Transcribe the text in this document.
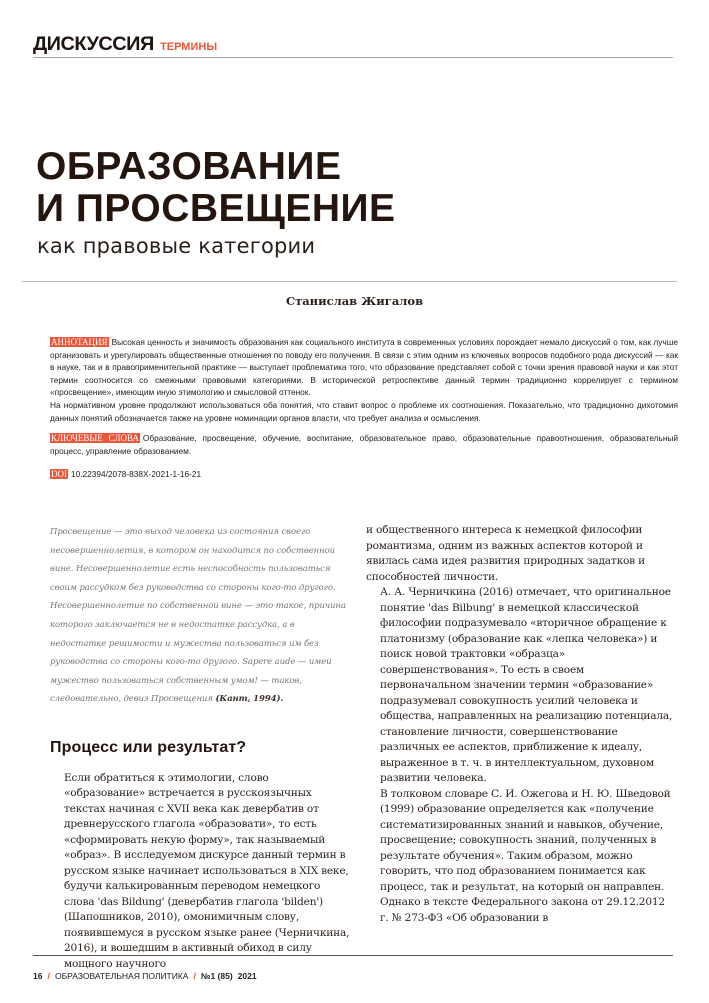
ДИСКУССИЯ ТЕРМИНЫ
ОБРАЗОВАНИЕ
И ПРОСВЕЩЕНИЕ
как правовые категории
Станислав Жигалов
АННОТАЦИЯ Высокая ценность и значимость образования как социального института в современных условиях порождает немало дискуссий о том, как лучше организовать и урегулировать общественные отношения по поводу его получения. В связи с этим одним из ключевых вопросов подобного рода дискуссий — как в науке, так и в правоприменительной практике — выступает проблематика того, что образование представляет собой с точки зрения правовой науки и как этот термин соотносится со смежными правовыми категориями. В исторической ретроспективе данный термин традиционно коррелирует с термином «просвещение», имеющим иную этимологию и смысловой оттенок.
На нормативном уровне продолжают использоваться оба понятия, что ставит вопрос о проблеме их соотношения. Показательно, что традиционно дихотомия данных понятий обозначается также на уровне номинации органов власти, что требует анализа и осмысления.
КЛЮЧЕВЫЕ СЛОВА Образование, просвещение, обучение, воспитание, образовательное право, образовательные правоотношения, образовательный процесс, управление образованием.
DOI 10.22394/2078-838X-2021-1-16-21
Просвещение — это выход человека из состояния своего несовершеннолетия, в котором он находится по собственной вине. Несовершеннолетие есть неспособность пользоваться своим рассудком без руководства со стороны кого-то другого. Несовершеннолетие по собственной вине — это такое, причина которого заключается не в недостатке рассудка, а в недостатке решимости и мужества пользоваться им без руководства со стороны кого-то другого. Sapere aude — имей мужество пользоваться собственным умом! — таков, следовательно, девиз Просвещения (Кант, 1994).
Процесс или результат?
Если обратиться к этимологии, слово «образование» встречается в русскоязычных текстах начиная с XVII века как девербатив от древнерусского глагола «образовати», то есть «сформировать некую форму», так называемый «образ». В исследуемом дискурсе данный термин в русском языке начинает использоваться в XIX веке, будучи калькированным переводом немецкого слова 'das Bildung' (девербатив глагола 'bilden') (Шапошников, 2010), омонимичным слову, появившемуся в русском языке ранее (Черничкина, 2016), и вошедшим в активный обиход в силу мощного научного
и общественного интереса к немецкой философии романтизма, одним из важных аспектов которой и явилась сама идея развития природных задатков и способностей личности.
А. А. Черничкина (2016) отмечает, что оригинальное понятие 'das Bilbung' в немецкой классической философии подразумевало «вторичное обращение к платонизму (образование как «лепка человека») и поиск новой трактовки «образца» совершенствования». То есть в своем первоначальном значении термин «образование» подразумевал совокупность усилий человека и общества, направленных на реализацию потенциала, становление личности, совершенствование различных ее аспектов, приближение к идеалу, выраженное в т. ч. в интеллектуальном, духовном развитии человека.
В толковом словаре С. И. Ожегова и Н. Ю. Шведовой (1999) образование определяется как «получение систематизированных знаний и навыков, обучение, просвещение; совокупность знаний, полученных в результате обучения». Таким образом, можно говорить, что под образованием понимается как процесс, так и результат, на который он направлен. Однако в тексте Федерального закона от 29.12.2012 г. № 273-ФЗ «Об образовании в
16 / ОБРАЗОВАТЕЛЬНАЯ ПОЛИТИКА / №1 (85) 2021
